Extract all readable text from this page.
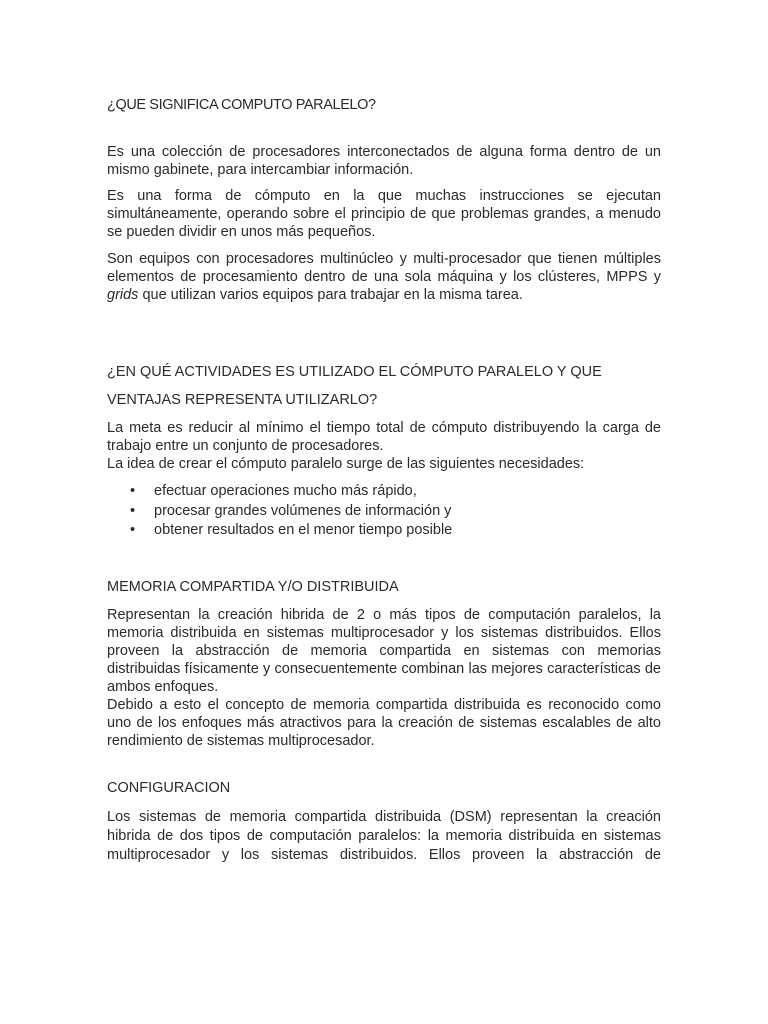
¿QUE SIGNIFICA COMPUTO PARALELO?

Es una colección de procesadores interconectados de alguna forma dentro de un mismo gabinete, para intercambiar información.

Es una forma de cómputo en la que muchas instrucciones se ejecutan simultáneamente, operando sobre el principio de que problemas grandes, a menudo se pueden dividir en unos más pequeños.

Son equipos con procesadores multinúcleo y multi-procesador que tienen múltiples elementos de procesamiento dentro de una sola máquina y los clústeres, MPPS y grids que utilizan varios equipos para trabajar en la misma tarea.

¿EN QUÉ ACTIVIDADES ES UTILIZADO EL CÓMPUTO PARALELO Y QUE
VENTAJAS REPRESENTA UTILIZARLO?

La meta es reducir al mínimo el tiempo total de cómputo distribuyendo la carga de trabajo entre un conjunto de procesadores.

La idea de crear el cómputo paralelo surge de las siguientes necesidades:

• efectuar operaciones mucho más rápido,
• procesar grandes volúmenes de información y
• obtener resultados en el menor tiempo posible
MEMORIA COMPARTIDA Y/O DISTRIBUIDA

Representan la creación hibrida de 2 o más tipos de computación paralelos, la memoria distribuida en sistemas multiprocesador y los sistemas distribuidos. Ellos proveen la abstracción de memoria compartida en sistemas con memorias distribuidas físicamente y consecuentemente combinan las mejores características de ambos enfoques.

Debido a esto el concepto de memoria compartida distribuida es reconocido como uno de los enfoques más atractivos para la creación de sistemas escalables de alto rendimiento de sistemas multiprocesador.

CONFIGURACION

Los sistemas de memoria compartida distribuida (DSM) representan la creación hibrida de dos tipos de computación paralelos: la memoria distribuida en sistemas multiprocesador y los sistemas distribuidos. Ellos proveen la abstracción de
